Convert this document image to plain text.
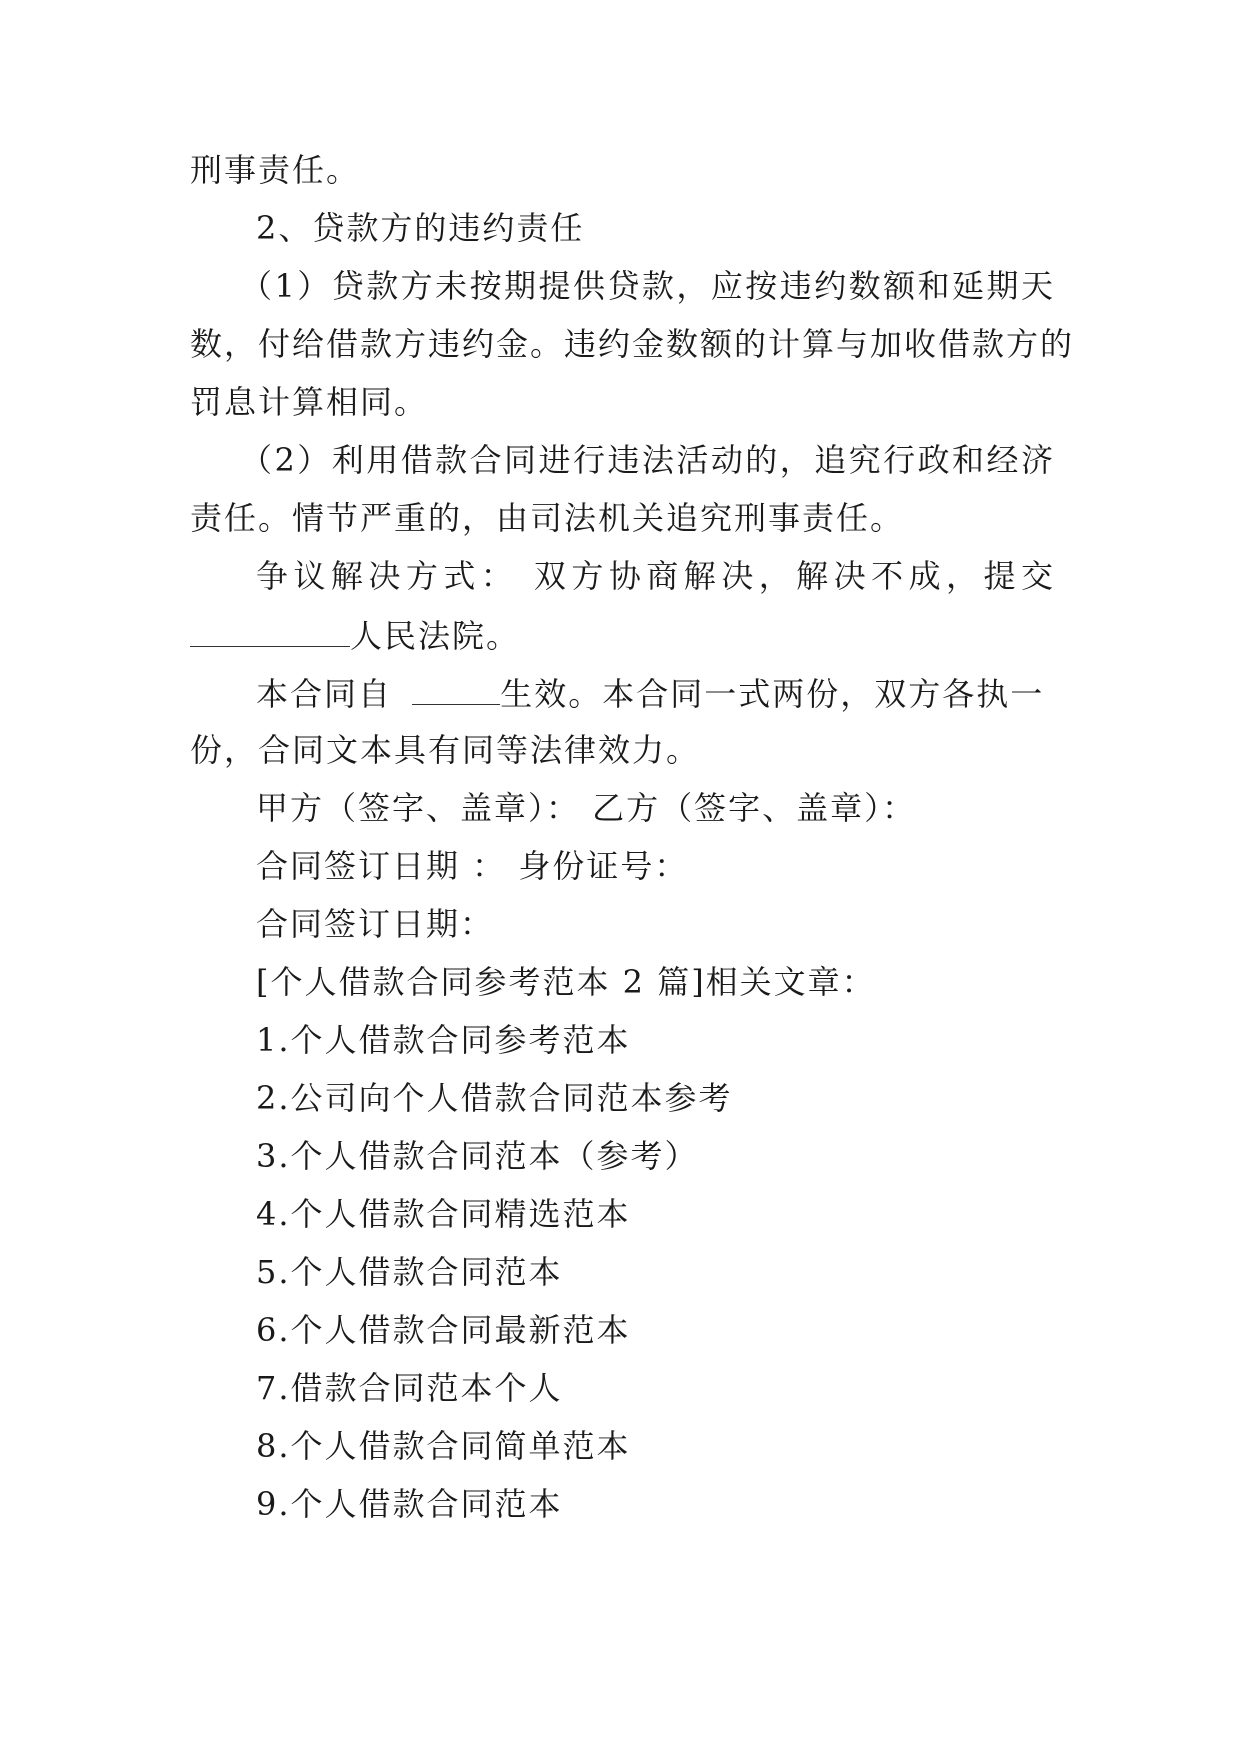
刑事责任。
2、贷款方的违约责任
（1）贷款方未按期提供贷款，应按违约数额和延期天
数，付给借款方违约金。违约金数额的计算与加收借款方的
罚息计算相同。
（2）利用借款合同进行违法活动的，追究行政和经济
责任。情节严重的，由司法机关追究刑事责任。
争议解决方式： 双方协商解决，解决不成，提交
人民法院。
本合同自	生效。本合同一式两份，双方各执一
份，合同文本具有同等法律效力。
甲方（签字、盖章）： 乙方（签字、盖章）：
合同签订日期 ： 身份证号：
合同签订日期：
[个人借款合同参考范本 2 篇]相关文章：
1.个人借款合同参考范本
2.公司向个人借款合同范本参考
3.个人借款合同范本（参考）
4.个人借款合同精选范本
5.个人借款合同范本
6.个人借款合同最新范本
7.借款合同范本个人
8.个人借款合同简单范本
9.个人借款合同范本
